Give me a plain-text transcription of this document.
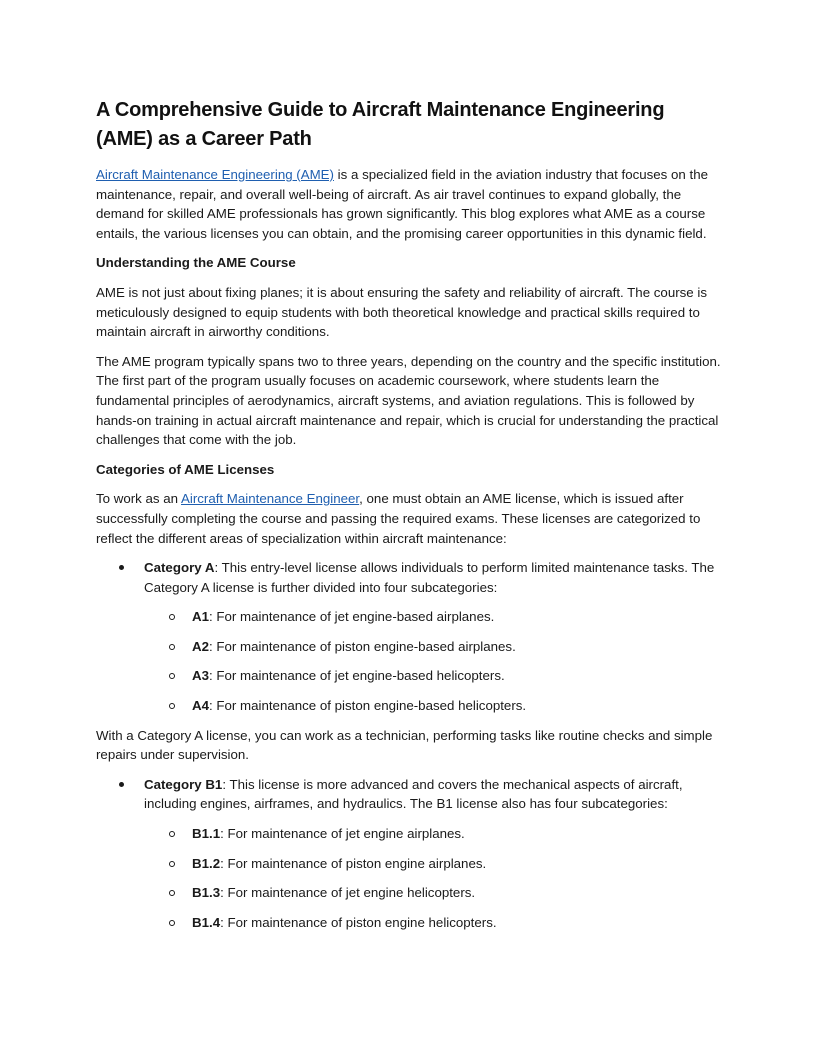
A Comprehensive Guide to Aircraft Maintenance Engineering (AME) as a Career Path

Aircraft Maintenance Engineering (AME) is a specialized field in the aviation industry that focuses on the maintenance, repair, and overall well-being of aircraft. As air travel continues to expand globally, the demand for skilled AME professionals has grown significantly. This blog explores what AME as a course entails, the various licenses you can obtain, and the promising career opportunities in this dynamic field.

Understanding the AME Course

AME is not just about fixing planes; it is about ensuring the safety and reliability of aircraft. The course is meticulously designed to equip students with both theoretical knowledge and practical skills required to maintain aircraft in airworthy conditions.

The AME program typically spans two to three years, depending on the country and the specific institution. The first part of the program usually focuses on academic coursework, where students learn the fundamental principles of aerodynamics, aircraft systems, and aviation regulations. This is followed by hands-on training in actual aircraft maintenance and repair, which is crucial for understanding the practical challenges that come with the job.

Categories of AME Licenses

To work as an Aircraft Maintenance Engineer, one must obtain an AME license, which is issued after successfully completing the course and passing the required exams. These licenses are categorized to reflect the different areas of specialization within aircraft maintenance:

Category A: This entry-level license allows individuals to perform limited maintenance tasks. The Category A license is further divided into four subcategories:
A1: For maintenance of jet engine-based airplanes.
A2: For maintenance of piston engine-based airplanes.
A3: For maintenance of jet engine-based helicopters.
A4: For maintenance of piston engine-based helicopters.

With a Category A license, you can work as a technician, performing tasks like routine checks and simple repairs under supervision.

Category B1: This license is more advanced and covers the mechanical aspects of aircraft, including engines, airframes, and hydraulics. The B1 license also has four subcategories:
B1.1: For maintenance of jet engine airplanes.
B1.2: For maintenance of piston engine airplanes.
B1.3: For maintenance of jet engine helicopters.
B1.4: For maintenance of piston engine helicopters.
